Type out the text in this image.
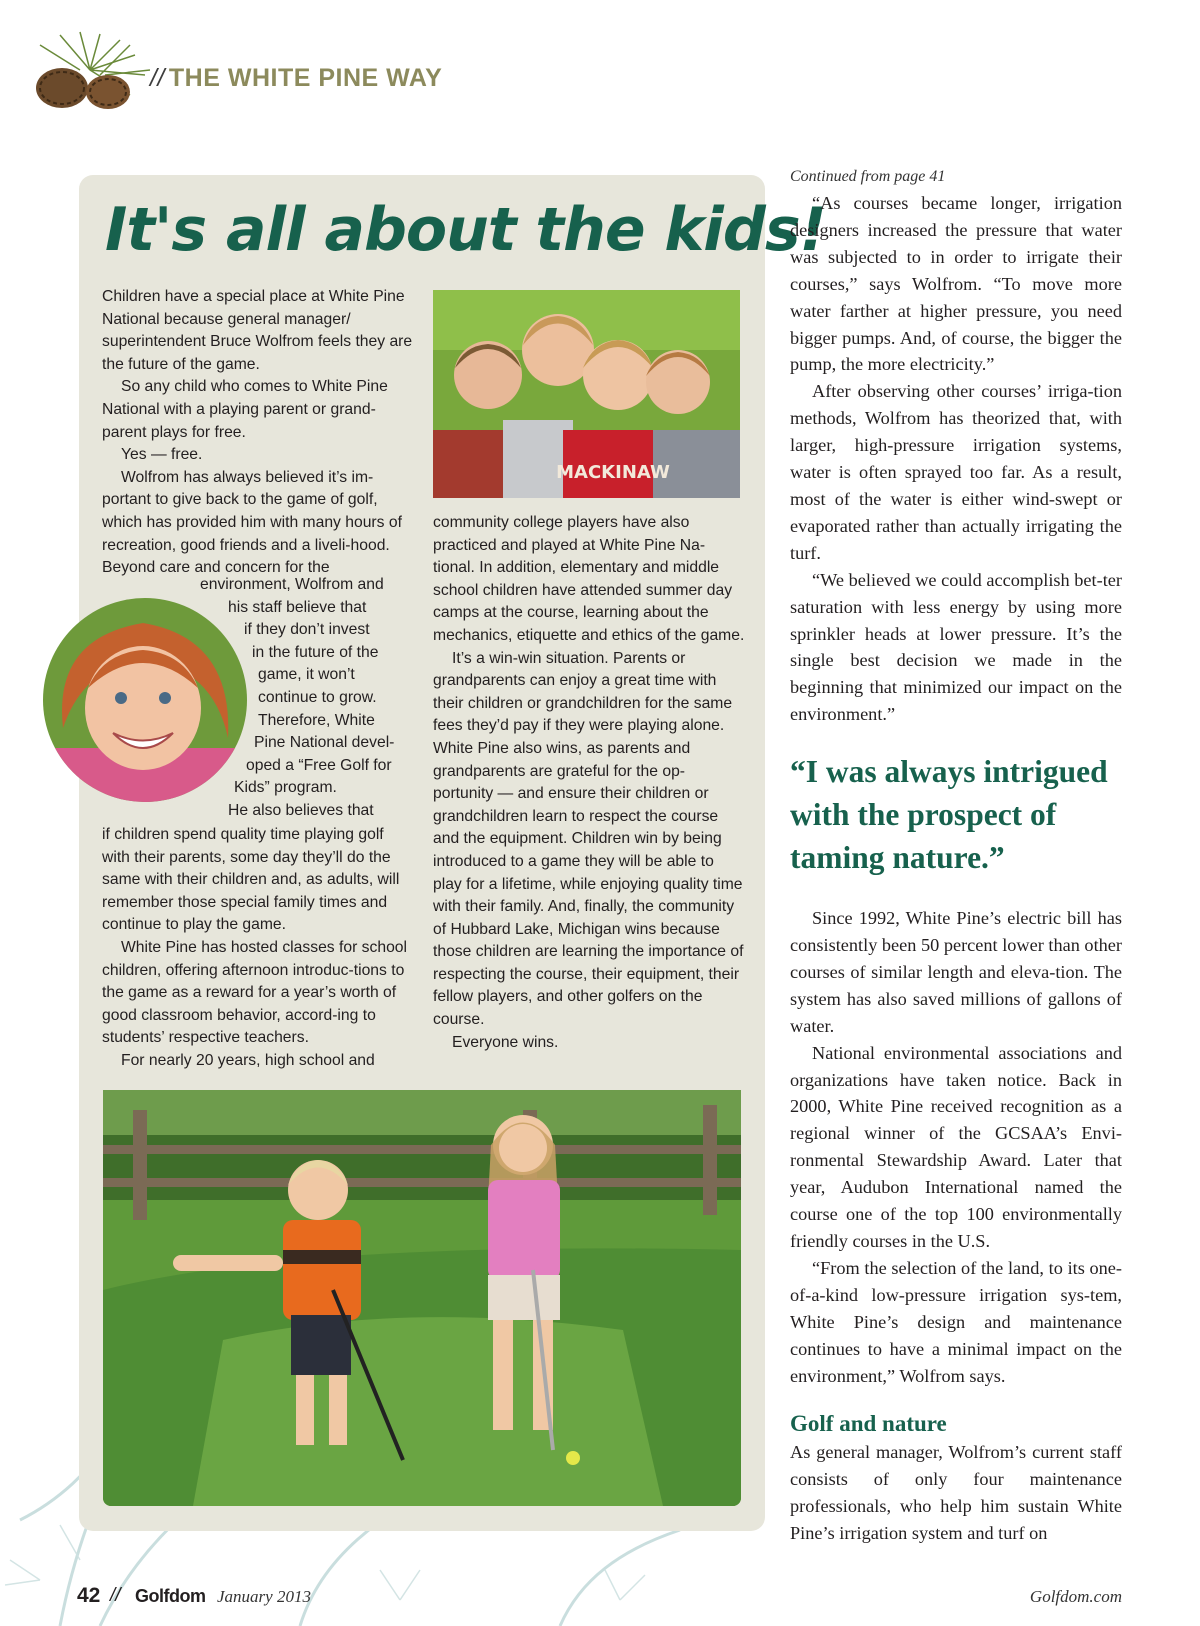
// THE WHITE PINE WAY
It's all about the kids!
MACKINAW

Children have a special place at White Pine National because general manager/ superintendent Bruce Wolfrom feels they are the future of the game.

So any child who comes to White Pine National with a playing parent or grand-parent plays for free.

Yes — free.

Wolfrom has always believed it’s im-portant to give back to the game of golf, which has provided him with many hours of recreation, good friends and a liveli-hood. Beyond care and concern for the

environment, Wolfrom and
his staff believe that
if they don’t invest
in the future of the
game, it won’t
continue to grow.
Therefore, White
Pine National devel-
oped a “Free Golf for
Kids” program.
He also believes that

if children spend quality time playing golf with their parents, some day they’ll do the same with their children and, as adults, will remember those special family times and continue to play the game.

White Pine has hosted classes for school children, offering afternoon introduc-tions to the game as a reward for a year’s worth of good classroom behavior, accord-ing to students’ respective teachers.

For nearly 20 years, high school and

community college players have also practiced and played at White Pine Na-tional. In addition, elementary and middle school children have attended summer day camps at the course, learning about the mechanics, etiquette and ethics of the game.

It’s a win-win situation. Parents or grandparents can enjoy a great time with their children or grandchildren for the same fees they’d pay if they were playing alone. White Pine also wins, as parents and grandparents are grateful for the op-portunity — and ensure their children or grandchildren learn to respect the course and the equipment. Children win by being introduced to a game they will be able to play for a lifetime, while enjoying quality time with their family. And, finally, the community of Hubbard Lake, Michigan wins because those children are learning the importance of respecting the course, their equipment, their fellow players, and other golfers on the course.

Everyone wins.

Continued from page 41

“As courses became longer, irrigation designers increased the pressure that water was subjected to in order to irrigate their courses,” says Wolfrom. “To move more water farther at higher pressure, you need bigger pumps. And, of course, the bigger the pump, the more electricity.”

After observing other courses’ irriga-tion methods, Wolfrom has theorized that, with larger, high-pressure irrigation systems, water is often sprayed too far. As a result, most of the water is either wind-swept or evaporated rather than actually irrigating the turf.

“We believed we could accomplish bet-ter saturation with less energy by using more sprinkler heads at lower pressure. It’s the single best decision we made in the beginning that minimized our impact on the environment.”

“I was always intrigued with the prospect of taming nature.”

Since 1992, White Pine’s electric bill has consistently been 50 percent lower than other courses of similar length and eleva-tion. The system has also saved millions of gallons of water.

National environmental associations and organizations have taken notice. Back in 2000, White Pine received recognition as a regional winner of the GCSAA’s Envi-ronmental Stewardship Award. Later that year, Audubon International named the course one of the top 100 environmentally friendly courses in the U.S.

“From the selection of the land, to its one-of-a-kind low-pressure irrigation sys-tem, White Pine’s design and maintenance continues to have a minimal impact on the environment,” Wolfrom says.

Golf and nature

As general manager, Wolfrom’s current staff consists of only four maintenance professionals, who help him sustain White Pine’s irrigation system and turf on

42 // Golfdom January 2013	Golfdom.com
